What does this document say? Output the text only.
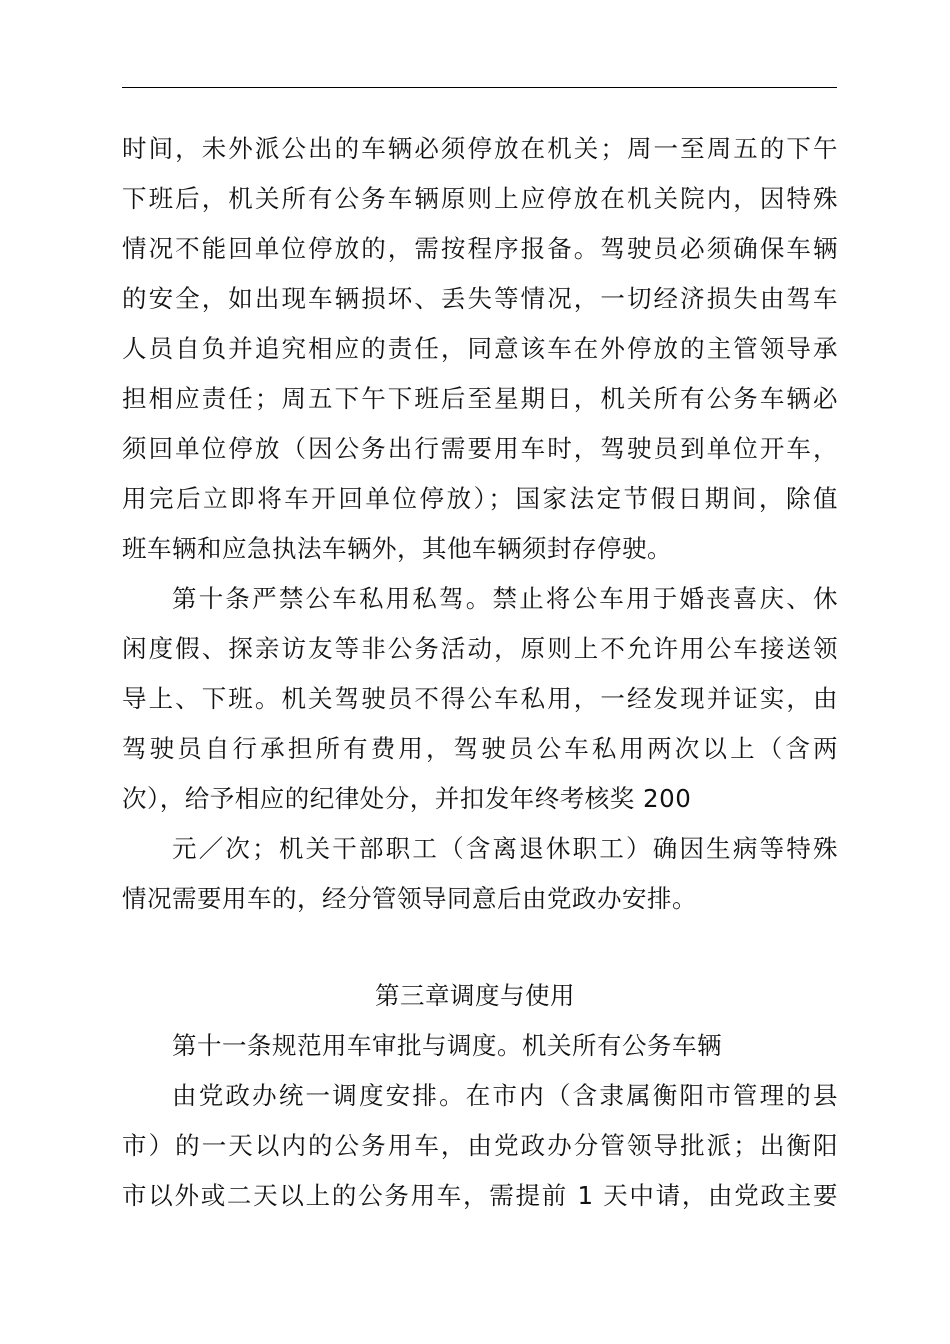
时间，未外派公出的车辆必须停放在机关；周一至周五的下午
下班后，机关所有公务车辆原则上应停放在机关院内，因特殊
情况不能回单位停放的，需按程序报备。驾驶员必须确保车辆
的安全，如出现车辆损坏、丢失等情况，一切经济损失由驾车
人员自负并追究相应的责任，同意该车在外停放的主管领导承
担相应责任；周五下午下班后至星期日，机关所有公务车辆必
须回单位停放（因公务出行需要用车时，驾驶员到单位开车，
用完后立即将车开回单位停放）；国家法定节假日期间，除值
班车辆和应急执法车辆外，其他车辆须封存停驶。
第十条严禁公车私用私驾。禁止将公车用于婚丧喜庆、休
闲度假、探亲访友等非公务活动，原则上不允许用公车接送领
导上、下班。机关驾驶员不得公车私用，一经发现并证实，由
驾驶员自行承担所有费用，驾驶员公车私用两次以上（含两
次），给予相应的纪律处分，并扣发年终考核奖 200
元／次；机关干部职工（含离退休职工）确因生病等特殊
情况需要用车的，经分管领导同意后由党政办安排。
第三章调度与使用
第十一条规范用车审批与调度。机关所有公务车辆
由党政办统一调度安排。在市内（含隶属衡阳市管理的县
市）的一天以内的公务用车，由党政办分管领导批派；出衡阳
市以外或二天以上的公务用车，需提前 1 天中请，由党政主要
